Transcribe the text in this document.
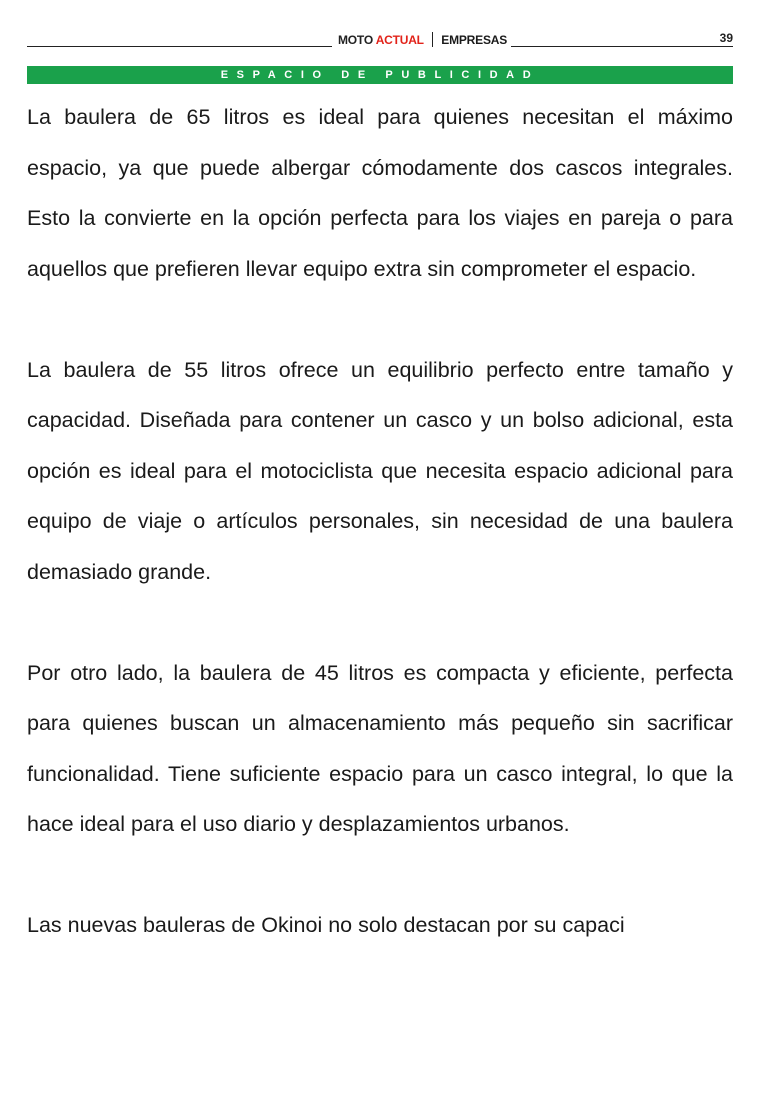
MOTO ACTUAL EMPRESAS	39
ESPACIO DE PUBLICIDAD

La baulera de 65 litros es ideal para quienes necesitan el máximo espacio, ya que puede albergar cómodamente dos cascos integrales. Esto la convierte en la opción perfecta para los viajes en pareja o para aquellos que prefieren llevar equipo extra sin comprometer el espacio.

La baulera de 55 litros ofrece un equilibrio perfecto entre tamaño y capacidad. Diseñada para contener un casco y un bolso adicional, esta opción es ideal para el motociclista que necesita espacio adicional para equipo de viaje o artículos personales, sin necesidad de una baulera demasiado grande.

Por otro lado, la baulera de 45 litros es compacta y eficiente, perfecta para quienes buscan un almacenamiento más pequeño sin sacrificar funcionalidad. Tiene suficiente espacio para un casco integral, lo que la hace ideal para el uso diario y desplazamientos urbanos.

Las nuevas bauleras de Okinoi no solo destacan por su capaci
